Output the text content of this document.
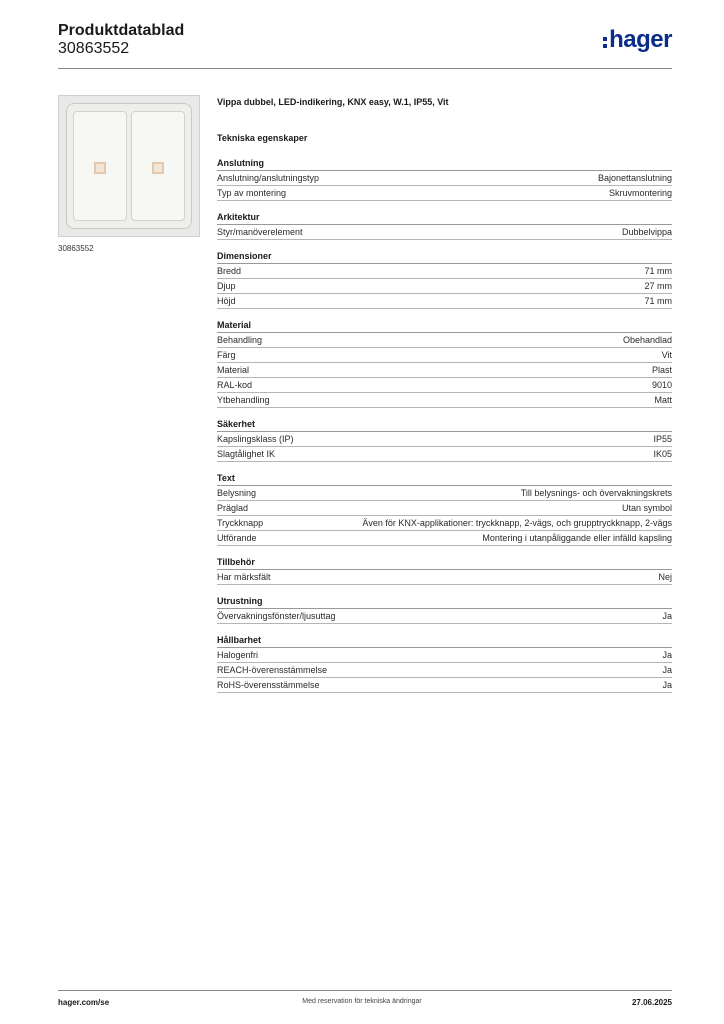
Produktdatablad
30863552	hager
30863552

Vippa dubbel, LED-indikering, KNX easy, W.1, IP55, Vit

Tekniska egenskaper
Anslutning
Anslutning/anslutningstyp	Bajonettanslutning
Typ av montering	Skruvmontering
Arkitektur
Styr/manöverelement	Dubbelvippa
Dimensioner
Bredd	71 mm
Djup	27 mm
Höjd	71 mm
Material
Behandling	Obehandlad
Färg	Vit
Material	Plast
RAL-kod	9010
Ytbehandling	Matt
Säkerhet
Kapslingsklass (IP)	IP55
Slagtålighet IK	IK05
Text
Belysning	Till belysnings- och övervakningskrets
Präglad	Utan symbol
Tryckknapp	Även för KNX-applikationer: tryckknapp, 2-vägs, och grupptryckknapp, 2-vägs
Utförande	Montering i utanpåliggande eller infälld kapsling
Tillbehör
Har märksfält	Nej
Utrustning
Övervakningsfönster/ljusuttag	Ja
Hållbarhet
Halogenfri	Ja
REACH-överensstämmelse	Ja
RoHS-överensstämmelse	Ja
hager.com/se	Med reservation för tekniska ändringar	27.06.2025
